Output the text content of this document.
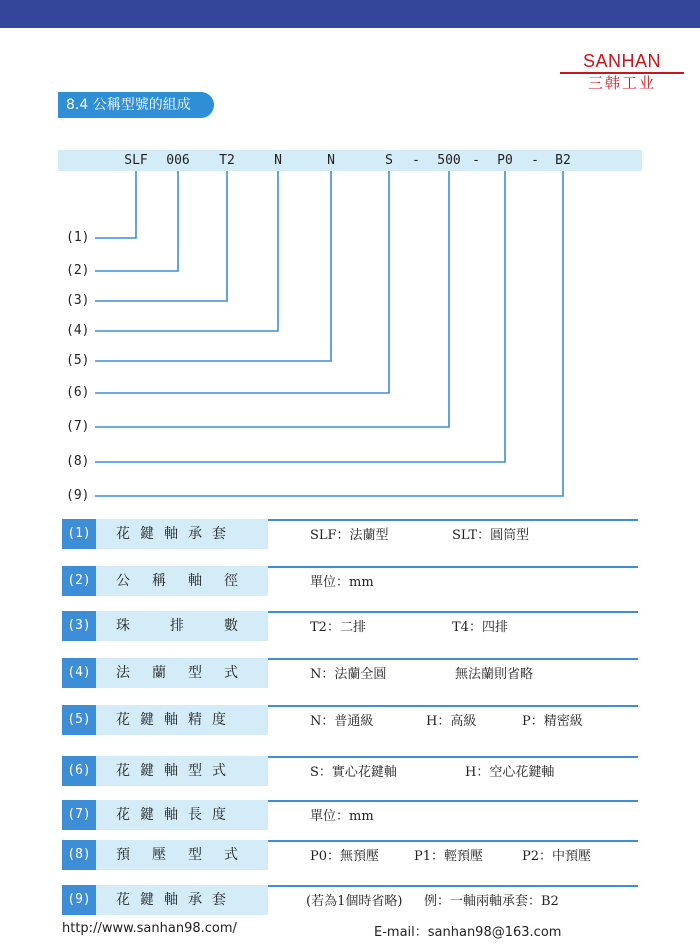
SANHAN
三韩工业
8.4 公稱型號的組成
SLF 006 T2	N	N	S - 500 - P0 - B2
(1)
(2)
(3)
(4)
(5)
(6)
(7)
(8)
(9)
(1)	花鍵軸承套	SLF：法蘭型	SLT：圓筒型
(2)	公稱軸徑	單位：mm
(3)	珠排數 T2：二排	T4：四排
(4)	法蘭型式	N：法蘭全圓	無法蘭則省略
(5)	花鍵軸精度	N：普通級	H：高級	P：精密級
(6)	花鍵軸型式	S：實心花鍵軸	H：空心花鍵軸
(7)	花鍵軸長度	單位：mm
(8)	預壓型式	P0：無預壓	P1：輕預壓	P2：中預壓
(9)	花鍵軸承套	(若為1個時省略) 例：一軸兩軸承套：B2
http://www.sanhan98.com/	E-mail：sanhan98@163.com
